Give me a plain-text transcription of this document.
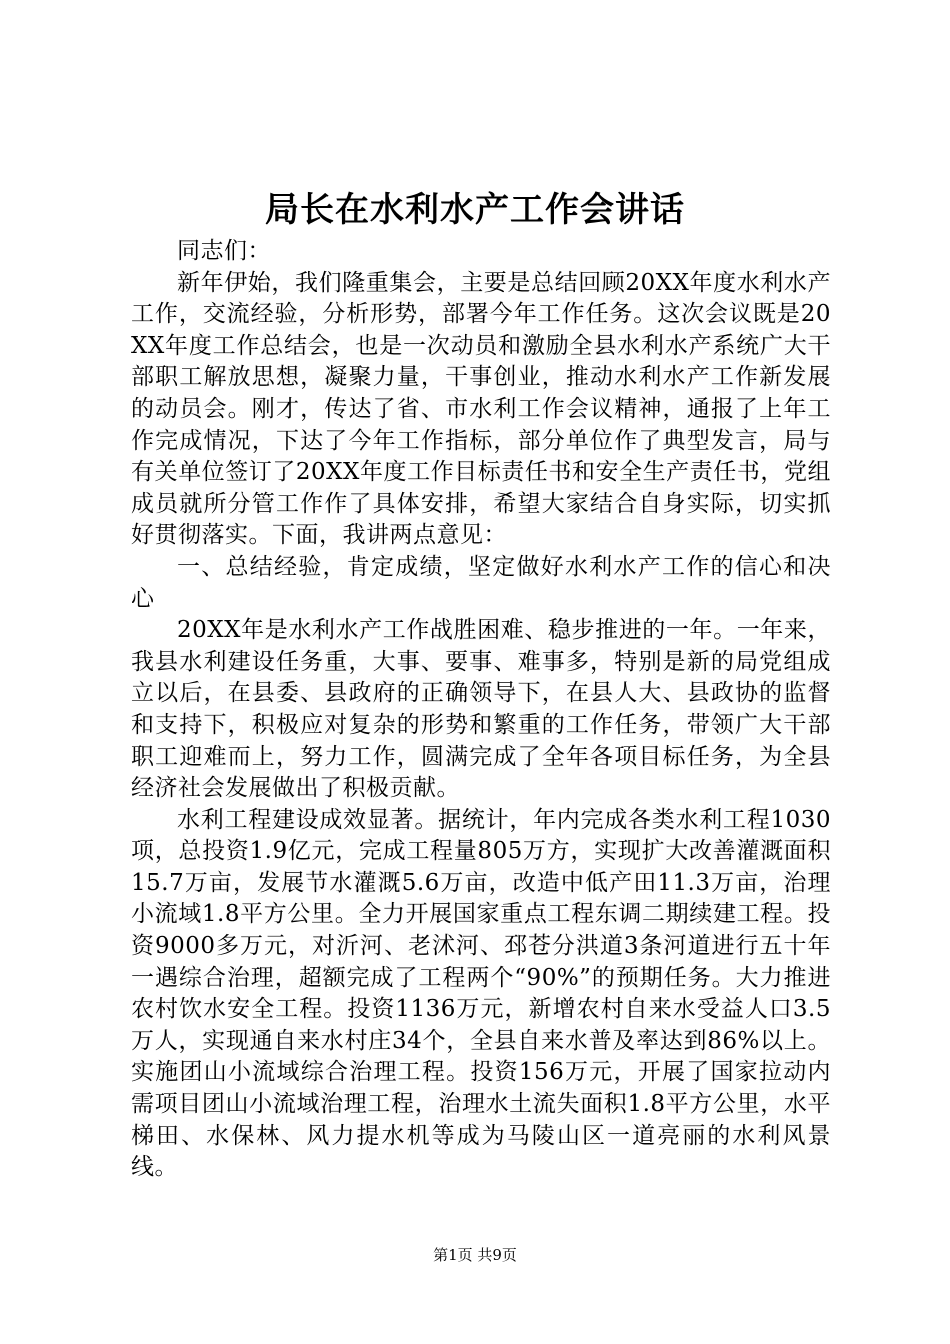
局长在水利水产工作会讲话

同志们：

新年伊始，我们隆重集会，主要是总结回顾20XX年度水利水产工作，交流经验，分析形势，部署今年工作任务。这次会议既是20XX年度工作总结会，也是一次动员和激励全县水利水产系统广大干部职工解放思想，凝聚力量，干事创业，推动水利水产工作新发展的动员会。刚才，传达了省、市水利工作会议精神，通报了上年工作完成情况，下达了今年工作指标，部分单位作了典型发言，局与有关单位签订了20XX年度工作目标责任书和安全生产责任书，党组成员就所分管工作作了具体安排，希望大家结合自身实际，切实抓好贯彻落实。下面，我讲两点意见：

一、总结经验，肯定成绩，坚定做好水利水产工作的信心和决心

20XX年是水利水产工作战胜困难、稳步推进的一年。一年来，我县水利建设任务重，大事、要事、难事多，特别是新的局党组成立以后，在县委、县政府的正确领导下，在县人大、县政协的监督和支持下，积极应对复杂的形势和繁重的工作任务，带领广大干部职工迎难而上，努力工作，圆满完成了全年各项目标任务，为全县经济社会发展做出了积极贡献。

水利工程建设成效显著。据统计，年内完成各类水利工程1030项，总投资1.9亿元，完成工程量805万方，实现扩大改善灌溉面积15.7万亩，发展节水灌溉5.6万亩，改造中低产田11.3万亩，治理小流域1.8平方公里。全力开展国家重点工程东调二期续建工程。投资9000多万元，对沂河、老沭河、邳苍分洪道3条河道进行五十年一遇综合治理，超额完成了工程两个“90%”的预期任务。大力推进农村饮水安全工程。投资1136万元，新增农村自来水受益人口3.5万人，实现通自来水村庄34个，全县自来水普及率达到86%以上。实施团山小流域综合治理工程。投资156万元，开展了国家拉动内需项目团山小流域治理工程，治理水土流失面积1.8平方公里，水平梯田、水保林、风力提水机等成为马陵山区一道亮丽的水利风景线。

第1页 共9页
